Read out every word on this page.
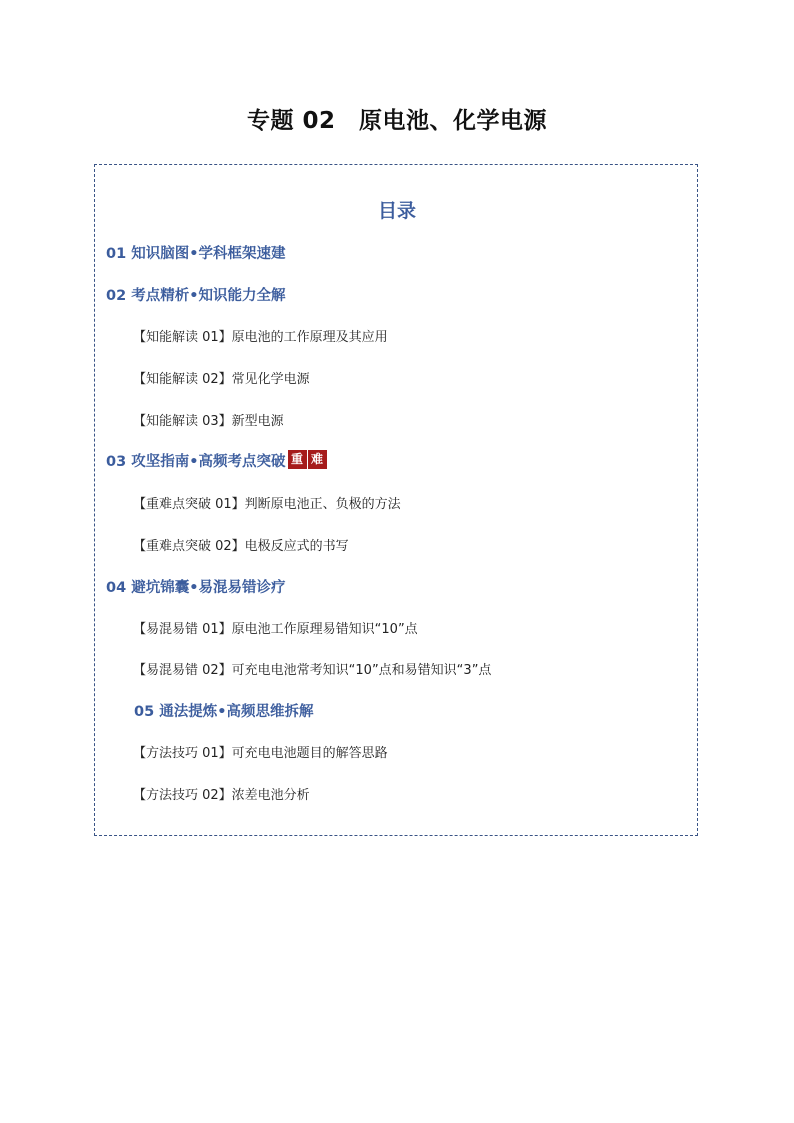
专题 02　原电池、化学电源
目录
01 知识脑图•学科框架速建
02 考点精析•知识能力全解
【知能解读 01】原电池的工作原理及其应用
【知能解读 02】常见化学电源
【知能解读 03】新型电源
03 攻坚指南•高频考点突破 重 难
【重难点突破 01】判断原电池正、负极的方法
【重难点突破 02】电极反应式的书写
04 避坑锦囊•易混易错诊疗
【易混易错 01】原电池工作原理易错知识“10”点
【易混易错 02】可充电电池常考知识“10”点和易错知识“3”点
05 通法提炼•高频思维拆解
【方法技巧 01】可充电电池题目的解答思路
【方法技巧 02】浓差电池分析
